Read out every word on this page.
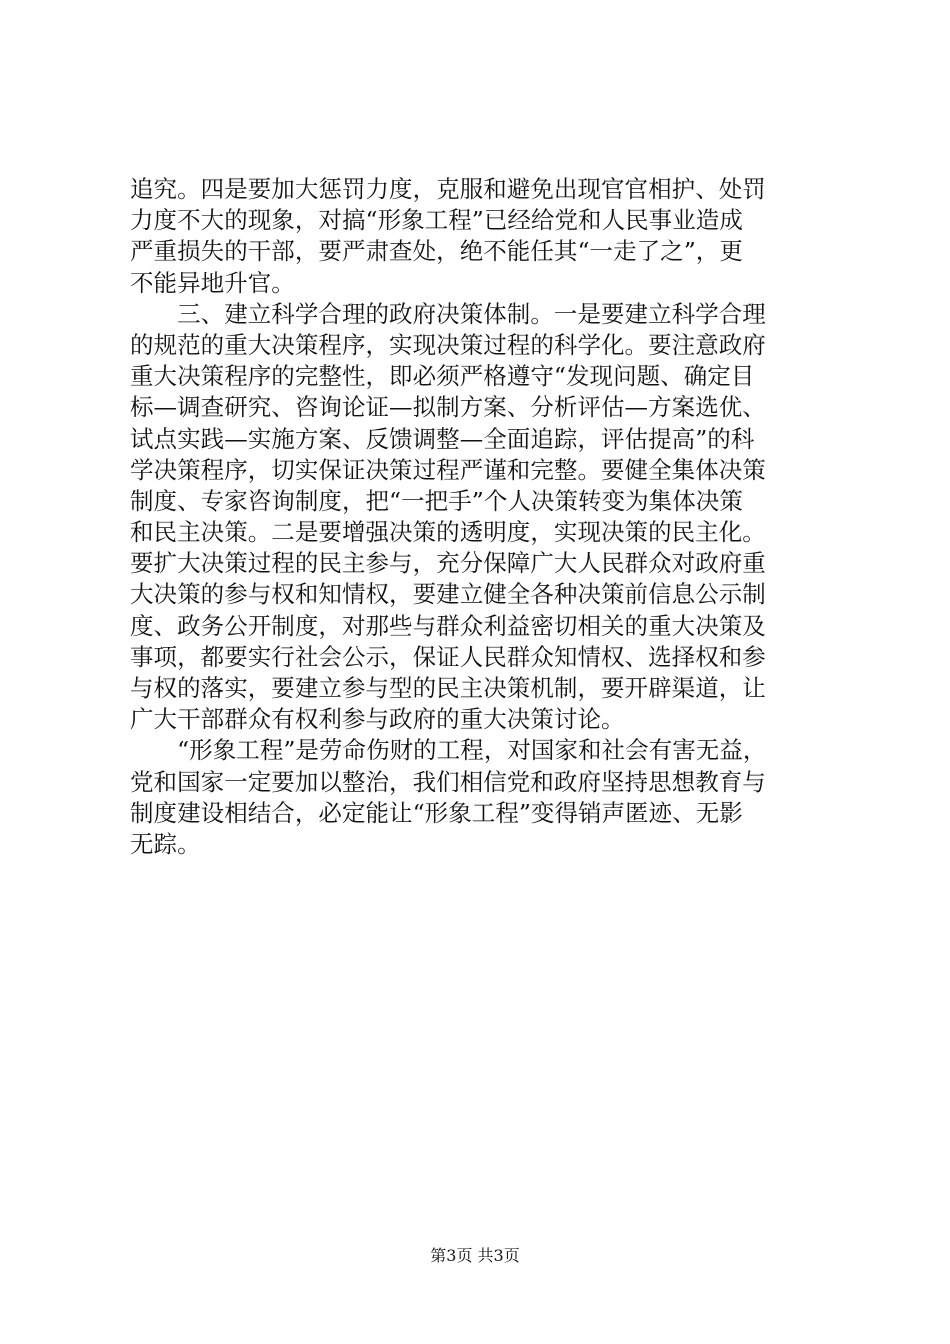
追究。四是要加大惩罚力度，克服和避免出现官官相护、处罚
力度不大的现象，对搞“形象工程”已经给党和人民事业造成
严重损失的干部，要严肃查处，绝不能任其“一走了之”，更
不能异地升官。
　　三、建立科学合理的政府决策体制。一是要建立科学合理
的规范的重大决策程序，实现决策过程的科学化。要注意政府
重大决策程序的完整性，即必须严格遵守“发现问题、确定目
标—调查研究、咨询论证—拟制方案、分析评估—方案选优、
试点实践—实施方案、反馈调整—全面追踪，评估提高”的科
学决策程序，切实保证决策过程严谨和完整。要健全集体决策
制度、专家咨询制度，把“一把手”个人决策转变为集体决策
和民主决策。二是要增强决策的透明度，实现决策的民主化。
要扩大决策过程的民主参与，充分保障广大人民群众对政府重
大决策的参与权和知情权，要建立健全各种决策前信息公示制
度、政务公开制度，对那些与群众利益密切相关的重大决策及
事项，都要实行社会公示，保证人民群众知情权、选择权和参
与权的落实，要建立参与型的民主决策机制，要开辟渠道，让
广大干部群众有权利参与政府的重大决策讨论。
　　“形象工程”是劳命伤财的工程，对国家和社会有害无益，
党和国家一定要加以整治，我们相信党和政府坚持思想教育与
制度建设相结合，必定能让“形象工程”变得销声匿迹、无影
无踪。
第3页 共3页
